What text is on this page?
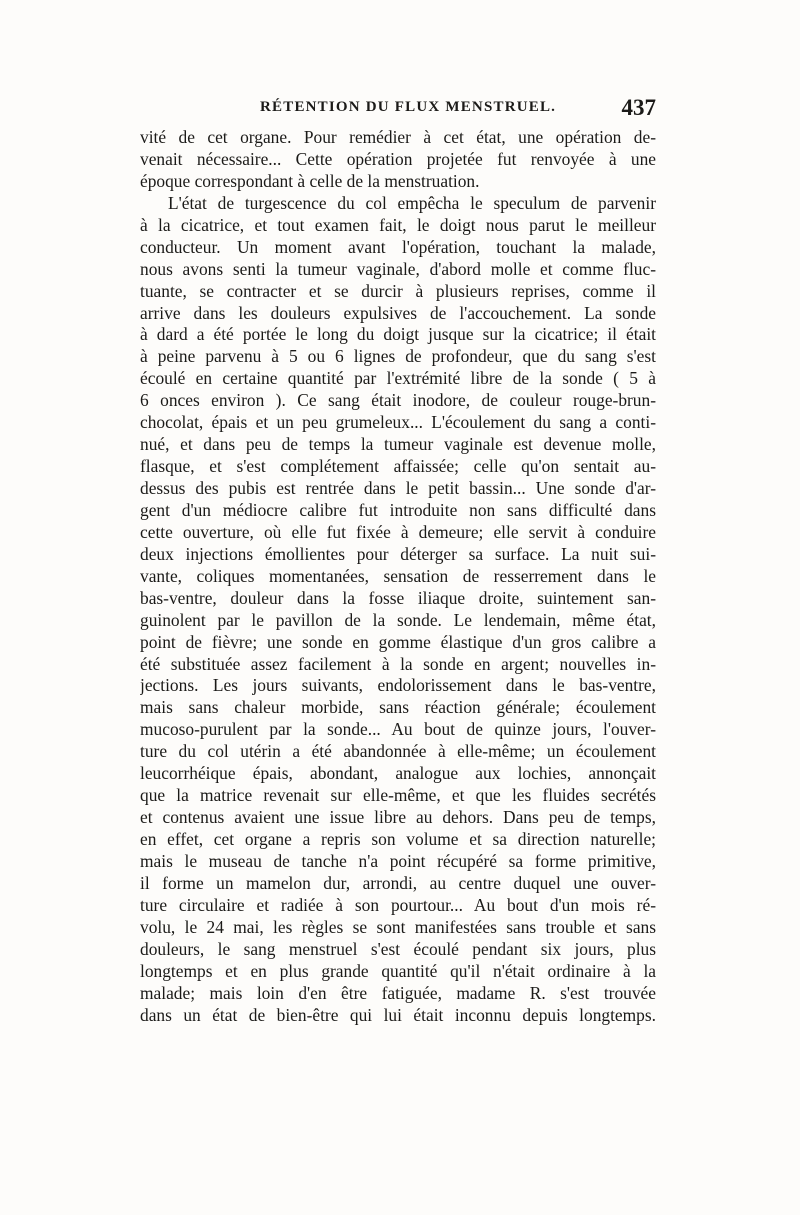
RÉTENTION DU FLUX MENSTRUEL.	437
vité de cet organe. Pour remédier à cet état, une opération de-
venait nécessaire... Cette opération projetée fut renvoyée à une
époque correspondant à celle de la menstruation.
L'état de turgescence du col empêcha le speculum de parvenir
à la cicatrice, et tout examen fait, le doigt nous parut le meilleur
conducteur. Un moment avant l'opération, touchant la malade,
nous avons senti la tumeur vaginale, d'abord molle et comme fluc-
tuante, se contracter et se durcir à plusieurs reprises, comme il
arrive dans les douleurs expulsives de l'accouchement. La sonde
à dard a été portée le long du doigt jusque sur la cicatrice; il était
à peine parvenu à 5 ou 6 lignes de profondeur, que du sang s'est
écoulé en certaine quantité par l'extrémité libre de la sonde ( 5 à
6 onces environ ). Ce sang était inodore, de couleur rouge-brun-
chocolat, épais et un peu grumeleux... L'écoulement du sang a conti-
nué, et dans peu de temps la tumeur vaginale est devenue molle,
flasque, et s'est complétement affaissée; celle qu'on sentait au-
dessus des pubis est rentrée dans le petit bassin... Une sonde d'ar-
gent d'un médiocre calibre fut introduite non sans difficulté dans
cette ouverture, où elle fut fixée à demeure; elle servit à conduire
deux injections émollientes pour déterger sa surface. La nuit sui-
vante, coliques momentanées, sensation de resserrement dans le
bas-ventre, douleur dans la fosse iliaque droite, suintement san-
guinolent par le pavillon de la sonde. Le lendemain, même état,
point de fièvre; une sonde en gomme élastique d'un gros calibre a
été substituée assez facilement à la sonde en argent; nouvelles in-
jections. Les jours suivants, endolorissement dans le bas-ventre,
mais sans chaleur morbide, sans réaction générale; écoulement
mucoso-purulent par la sonde... Au bout de quinze jours, l'ouver-
ture du col utérin a été abandonnée à elle-même; un écoulement
leucorrhéique épais, abondant, analogue aux lochies, annonçait
que la matrice revenait sur elle-même, et que les fluides secrétés
et contenus avaient une issue libre au dehors. Dans peu de temps,
en effet, cet organe a repris son volume et sa direction naturelle;
mais le museau de tanche n'a point récupéré sa forme primitive,
il forme un mamelon dur, arrondi, au centre duquel une ouver-
ture circulaire et radiée à son pourtour... Au bout d'un mois ré-
volu, le 24 mai, les règles se sont manifestées sans trouble et sans
douleurs, le sang menstruel s'est écoulé pendant six jours, plus
longtemps et en plus grande quantité qu'il n'était ordinaire à la
malade; mais loin d'en être fatiguée, madame R. s'est trouvée
dans un état de bien-être qui lui était inconnu depuis longtemps.
